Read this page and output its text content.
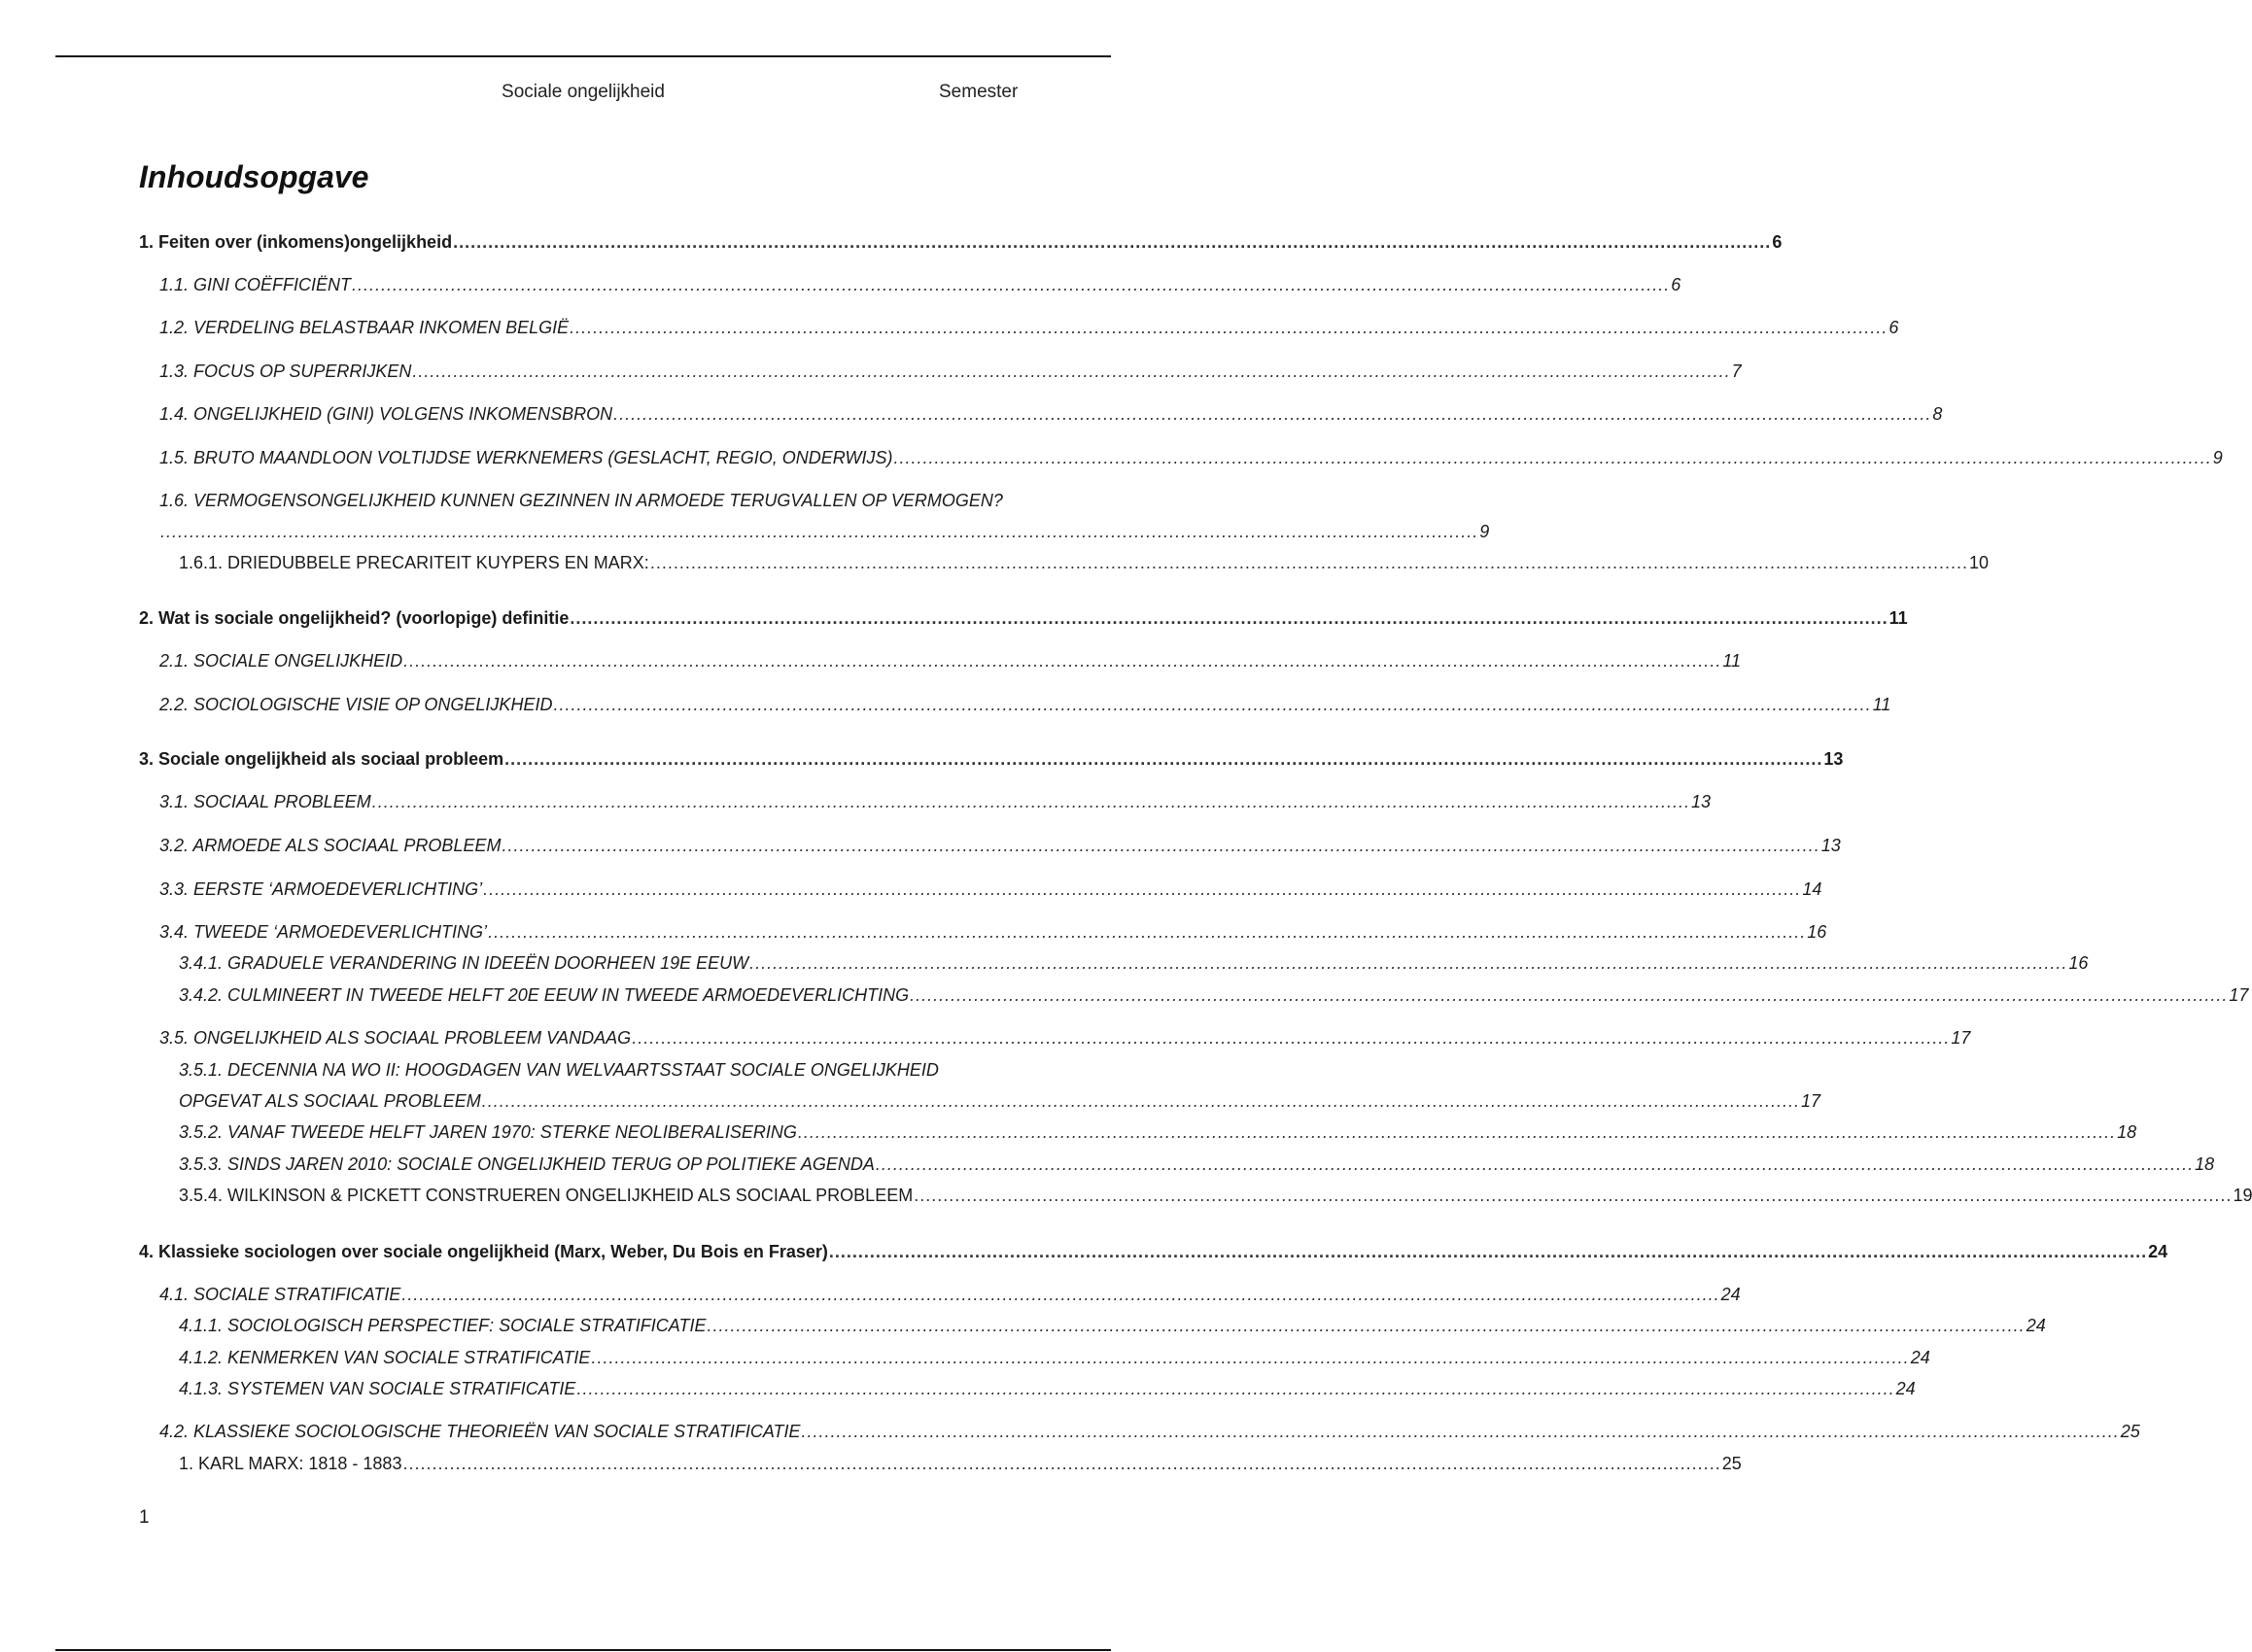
Sociale ongelijkheid	Semester
Inhoudsopgave
1. Feiten over (inkomens)ongelijkheid .................................................................................................................................................................................................................................. 6
1.1. GINI COËFFICIËNT .................................................................................................................................................................................................................................. 6
1.2. VERDELING BELASTBAAR INKOMEN BELGIË .................................................................................................................................................................................................................................. 6
1.3. FOCUS OP SUPERRIJKEN .................................................................................................................................................................................................................................. 7
1.4. ONGELIJKHEID (GINI) VOLGENS INKOMENSBRON .................................................................................................................................................................................................................................. 8
1.5. BRUTO MAANDLOON VOLTIJDSE WERKNEMERS (GESLACHT, REGIO, ONDERWIJS) .................................................................................................................................................................................................................................. 9
1.6. VERMOGENSONGELIJKHEID KUNNEN GEZINNEN IN ARMOEDE TERUGVALLEN OP VERMOGEN?
.................................................................................................................................................................................................................................. 9
1.6.1. DRIEDUBBELE PRECARITEIT KUYPERS EN MARX: .................................................................................................................................................................................................................................. 10
2. Wat is sociale ongelijkheid? (voorlopige) definitie .................................................................................................................................................................................................................................. 11
2.1. SOCIALE ONGELIJKHEID .................................................................................................................................................................................................................................. 11
2.2. SOCIOLOGISCHE VISIE OP ONGELIJKHEID .................................................................................................................................................................................................................................. 11
3. Sociale ongelijkheid als sociaal probleem .................................................................................................................................................................................................................................. 13
3.1. SOCIAAL PROBLEEM .................................................................................................................................................................................................................................. 13
3.2. ARMOEDE ALS SOCIAAL PROBLEEM .................................................................................................................................................................................................................................. 13
3.3. EERSTE ‘ARMOEDEVERLICHTING’ .................................................................................................................................................................................................................................. 14
3.4. TWEEDE ‘ARMOEDEVERLICHTING’ .................................................................................................................................................................................................................................. 16
3.4.1. GRADUELE VERANDERING IN IDEEËN DOORHEEN 19E EEUW .................................................................................................................................................................................................................................. 16
3.4.2. CULMINEERT IN TWEEDE HELFT 20E EEUW IN TWEEDE ARMOEDEVERLICHTING .................................................................................................................................................................................................................................. 17
3.5. ONGELIJKHEID ALS SOCIAAL PROBLEEM VANDAAG .................................................................................................................................................................................................................................. 17
3.5.1. DECENNIA NA WO II: HOOGDAGEN VAN WELVAARTSSTAAT SOCIALE ONGELIJKHEID
OPGEVAT ALS SOCIAAL PROBLEEM .................................................................................................................................................................................................................................. 17
3.5.2. VANAF TWEEDE HELFT JAREN 1970: STERKE NEOLIBERALISERING .................................................................................................................................................................................................................................. 18
3.5.3. SINDS JAREN 2010: SOCIALE ONGELIJKHEID TERUG OP POLITIEKE AGENDA .................................................................................................................................................................................................................................. 18
3.5.4. WILKINSON & PICKETT CONSTRUEREN ONGELIJKHEID ALS SOCIAAL PROBLEEM .................................................................................................................................................................................................................................. 19
4. Klassieke sociologen over sociale ongelijkheid (Marx, Weber, Du Bois en Fraser) .................................................................................................................................................................................................................................. 24
4.1. SOCIALE STRATIFICATIE .................................................................................................................................................................................................................................. 24
4.1.1. SOCIOLOGISCH PERSPECTIEF: SOCIALE STRATIFICATIE .................................................................................................................................................................................................................................. 24
4.1.2. KENMERKEN VAN SOCIALE STRATIFICATIE .................................................................................................................................................................................................................................. 24
4.1.3. SYSTEMEN VAN SOCIALE STRATIFICATIE .................................................................................................................................................................................................................................. 24
4.2. KLASSIEKE SOCIOLOGISCHE THEORIEËN VAN SOCIALE STRATIFICATIE .................................................................................................................................................................................................................................. 25
1. KARL MARX: 1818 - 1883 .................................................................................................................................................................................................................................. 25
1
